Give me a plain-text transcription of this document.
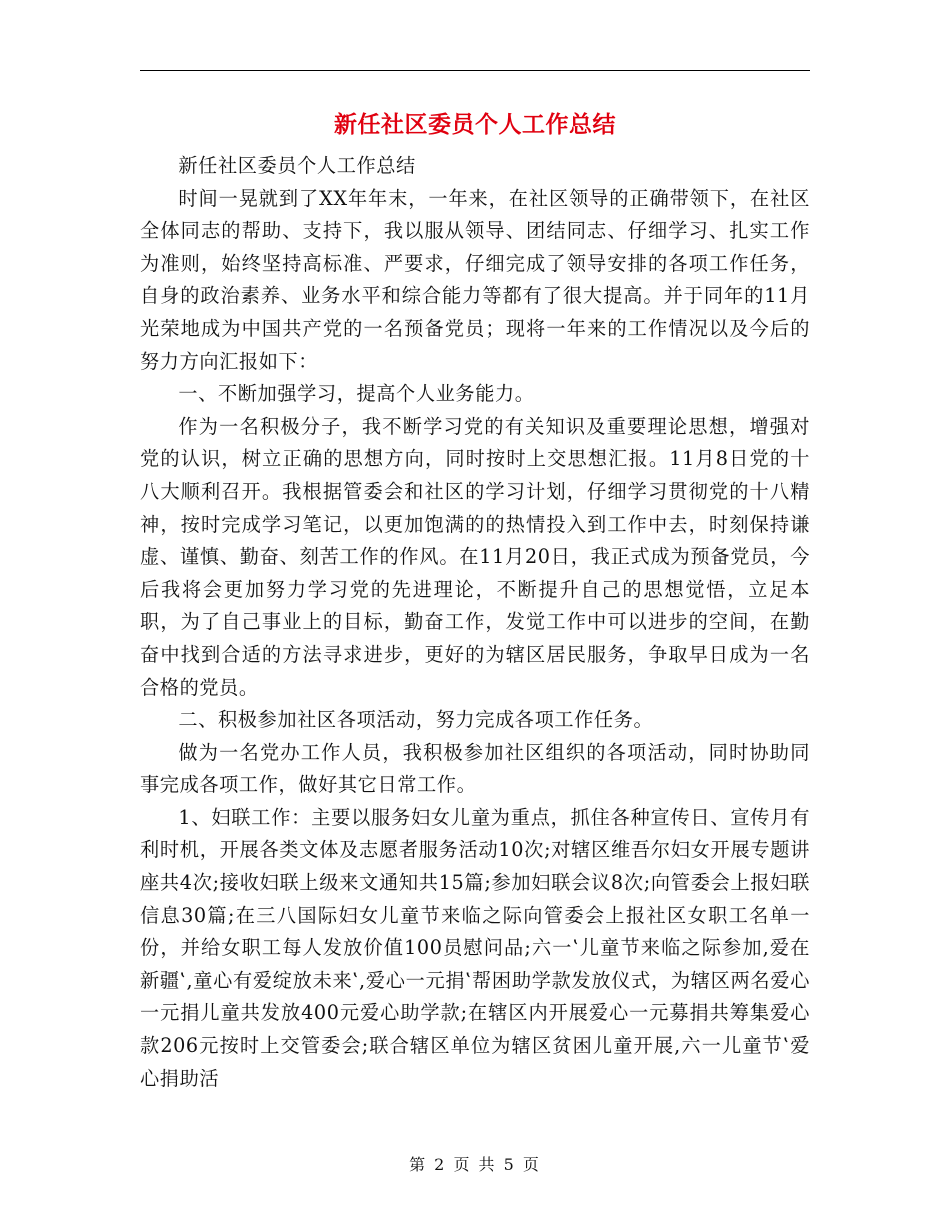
新任社区委员个人工作总结

新任社区委员个人工作总结

时间一晃就到了XX年年末，一年来，在社区领导的正确带领下，在社区全体同志的帮助、支持下，我以服从领导、团结同志、仔细学习、扎实工作为准则，始终坚持高标准、严要求，仔细完成了领导安排的各项工作任务，自身的政治素养、业务水平和综合能力等都有了很大提高。并于同年的11月光荣地成为中国共产党的一名预备党员；现将一年来的工作情况以及今后的努力方向汇报如下：

一、不断加强学习，提高个人业务能力。

作为一名积极分子，我不断学习党的有关知识及重要理论思想，增强对党的认识，树立正确的思想方向，同时按时上交思想汇报。11月8日党的十八大顺利召开。我根据管委会和社区的学习计划，仔细学习贯彻党的十八精神，按时完成学习笔记，以更加饱满的的热情投入到工作中去，时刻保持谦虚、谨慎、勤奋、刻苦工作的作风。在11月20日，我正式成为预备党员，今后我将会更加努力学习党的先进理论，不断提升自己的思想觉悟，立足本职，为了自己事业上的目标，勤奋工作，发觉工作中可以进步的空间，在勤奋中找到合适的方法寻求进步，更好的为辖区居民服务，争取早日成为一名合格的党员。

二、积极参加社区各项活动，努力完成各项工作任务。

做为一名党办工作人员，我积极参加社区组织的各项活动，同时协助同事完成各项工作，做好其它日常工作。

1、妇联工作：主要以服务妇女儿童为重点，抓住各种宣传日、宣传月有利时机，开展各类文体及志愿者服务活动10次;对辖区维吾尔妇女开展专题讲座共4次;接收妇联上级来文通知共15篇;参加妇联会议8次;向管委会上报妇联信息30篇;在三八国际妇女儿童节来临之际向管委会上报社区女职工名单一份，并给女职工每人发放价值100员慰问品;六一‛儿童节来临之际参加,爱在新疆‛,童心有爱绽放未来‛,爱心一元捐‛帮困助学款发放仪式，为辖区两名爱心一元捐儿童共发放400元爱心助学款;在辖区内开展爱心一元募捐共筹集爱心款206元按时上交管委会;联合辖区单位为辖区贫困儿童开展,六一儿童节‛爱心捐助活

第 2 页 共 5 页
